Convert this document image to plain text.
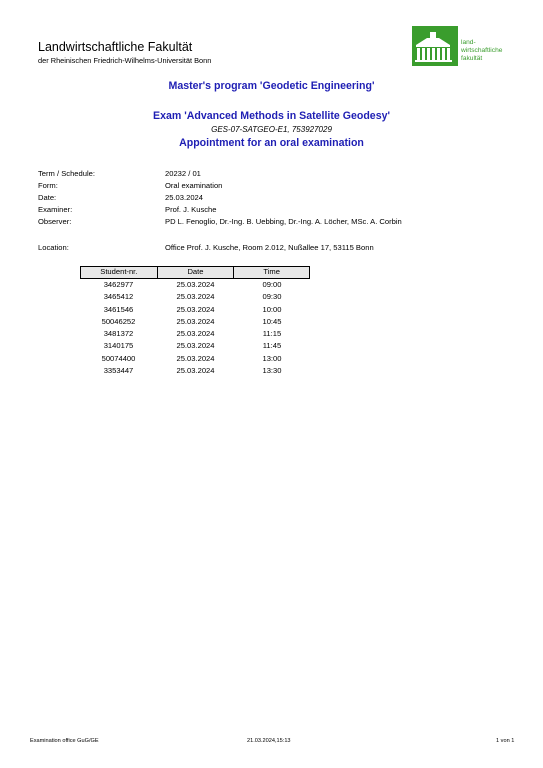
Landwirtschaftliche Fakultät
der Rheinischen Friedrich-Wilhelms-Universität Bonn
land-
wirtschaftliche
fakultät
Master's program 'Geodetic Engineering'
Exam 'Advanced Methods in Satellite Geodesy'
GES-07-SATGEO-E1, 753927029
Appointment for an oral examination
Term / Schedule:	20232 / 01
Form:	Oral examination
Date:	25.03.2024
Examiner:	Prof. J. Kusche
Observer:	PD L. Fenoglio, Dr.-Ing. B. Uebbing, Dr.-Ing. A. Löcher, MSc. A. Corbin
Location:	Office Prof. J. Kusche, Room 2.012, Nußallee 17, 53115 Bonn
Student-nr.	Date	Time
3462977	25.03.2024	09:00
3465412	25.03.2024	09:30
3461546	25.03.2024	10:00
50046252	25.03.2024	10:45
3481372	25.03.2024	11:15
3140175	25.03.2024	11:45
50074400	25.03.2024	13:00
3353447	25.03.2024	13:30
Examination office GuG/GE	21.03.2024,15:13	1 von 1
